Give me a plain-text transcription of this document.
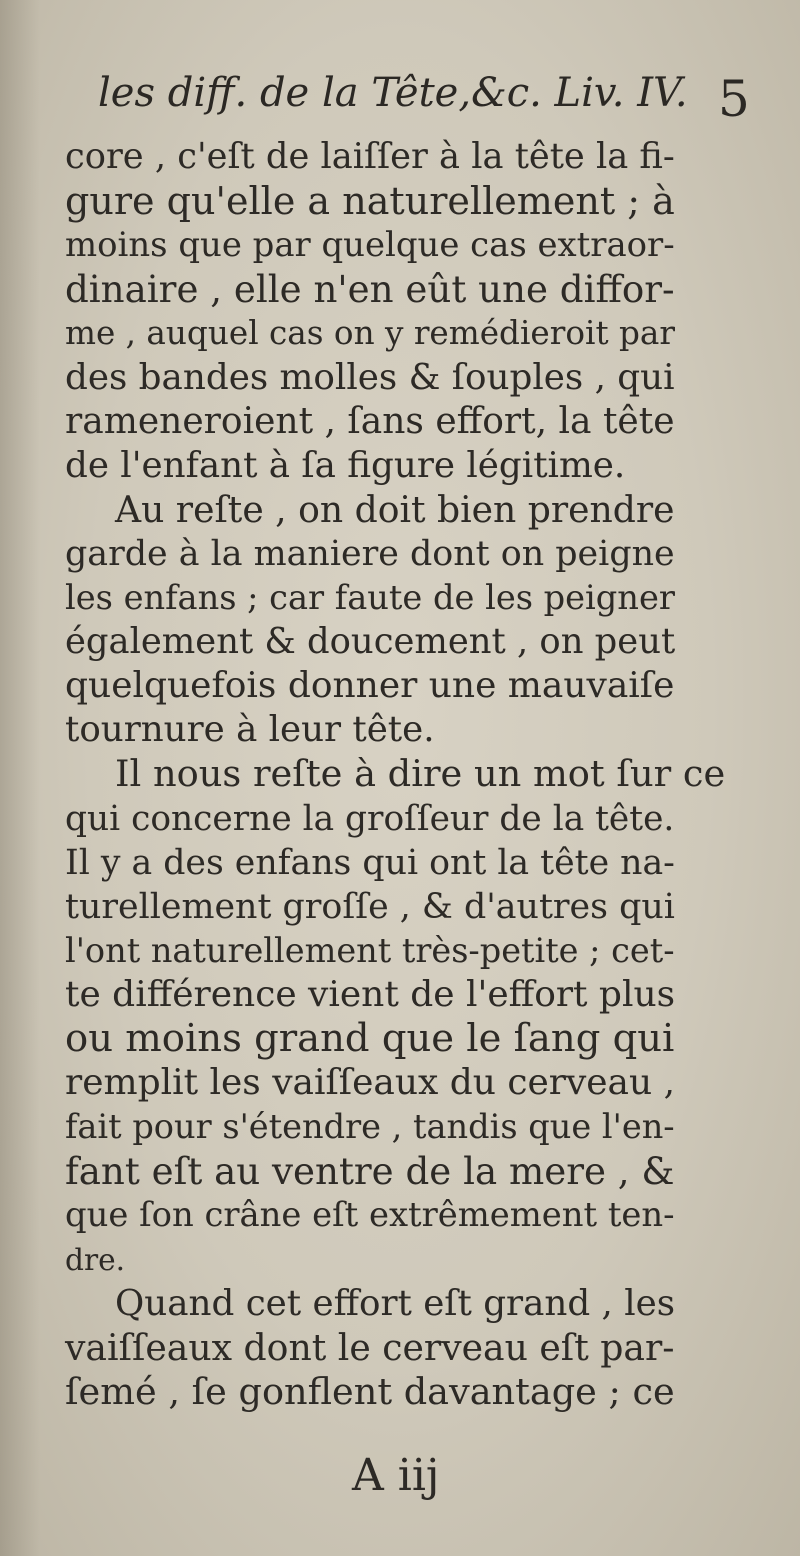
les diff. de la Tête,&c. Liv. IV. 5
core , c'eſt de laiſſer à la tête la fi-
gure qu'elle a naturellement ; à
moins que par quelque cas extraor-
dinaire , elle n'en eût une diffor-
me , auquel cas on y remédieroit par
des bandes molles & ſouples , qui
rameneroient , ſans effort, la tête
de l'enfant à ſa figure légitime.
Au reſte , on doit bien prendre
garde à la maniere dont on peigne
les enfans ; car faute de les peigner
également & doucement , on peut
quelquefois donner une mauvaiſe
tournure à leur tête.
Il nous reſte à dire un mot ſur ce
qui concerne la groſſeur de la tête.
Il y a des enfans qui ont la tête na-
turellement groſſe , & d'autres qui
l'ont naturellement très-petite ; cet-
te différence vient de l'effort plus
ou moins grand que le ſang qui
remplit les vaiſſeaux du cerveau ,
fait pour s'étendre , tandis que l'en-
fant eſt au ventre de la mere , &
que ſon crâne eſt extrêmement ten-
dre.
Quand cet effort eſt grand , les
vaiſſeaux dont le cerveau eſt par-
ſemé , ſe gonflent davantage ; ce
A iij
